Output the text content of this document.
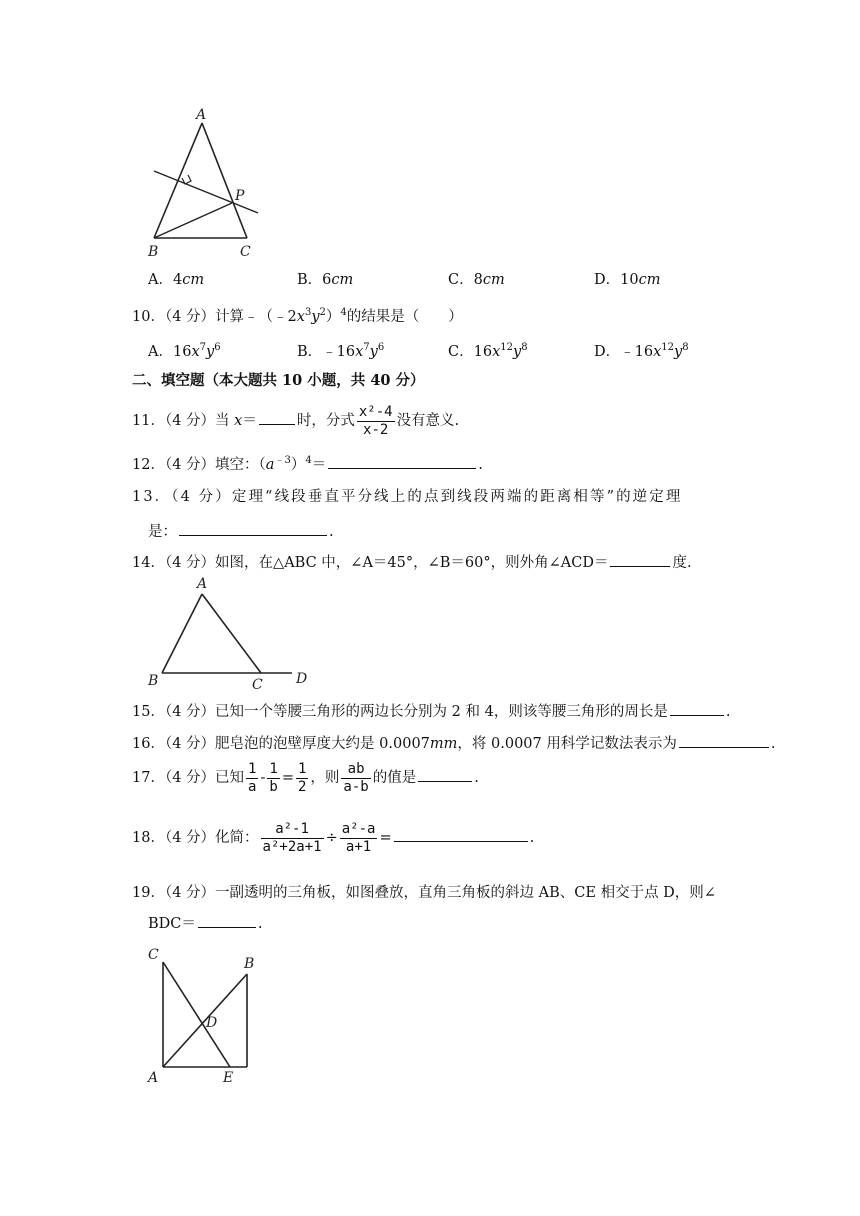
A
B	C
P
A．4cm	B．6cm	C．8cm	D．10cm
10．（4 分）计算$﹣(﹣2x^3y^2)^4$的结果是（　　）
A．$16x^7y^6$	B．$﹣16x^7y^6$	C．$16x^{12}y^8$	D．$﹣16x^{12}y^8$
二、填空题（本大题共 10 小题，共 40 分）
11．（4 分）当 x＝	时，分式 $\frac{\text{x²-4}}{x-2}$ 没有意义.
12．（4 分）填空：$(a^{﹣3})^4=$	.
13．（4 分）定理“线段垂直平分线上的点到线段两端的距离相等”的逆定理
是：	.
14．（4 分）如图，在△ABC 中，∠A＝45°，∠B＝60°，则外角∠ACD＝	度.
A
B	C D
15．（4 分）已知一个等腰三角形的两边长分别为 2 和 4，则该等腰三角形的周长是	.
16．（4 分）肥皂泡的泡壁厚度大约是 0.0007mm，将 0.0007 用科学记数法表示为	.
17．（4 分）已知 $\frac{1}{a} - \frac{1}{b} = \frac{1}{2}$ ，则 $\frac{ab}{a-b}$ 的值是	.
18．（4 分）化简： $\frac{\text{a²-1}}{\text{a²+2a+1}} \div \frac{\text{a²-a}}{a+1}$ =	.
19．（4 分）一副透明的三角板，如图叠放，直角三角板的斜边 AB、CE 相交于点 D，则∠
BDC＝	.
C
B
D
A	E
